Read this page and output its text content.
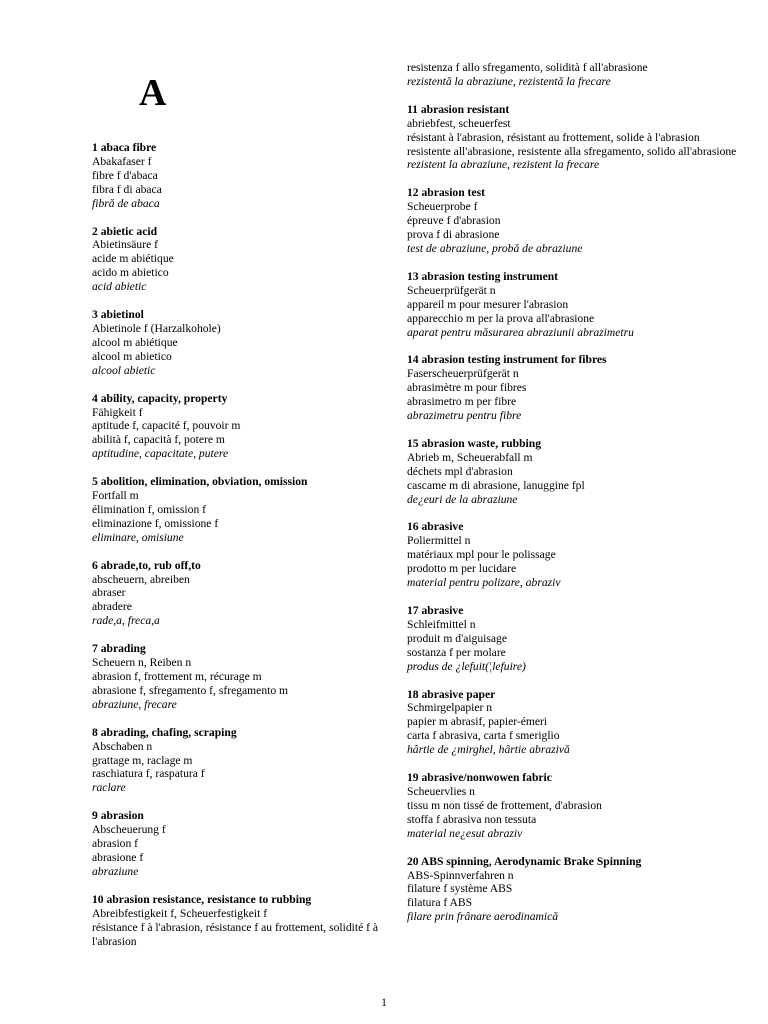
A
1 abaca fibre
Abakafaser f
fibre f d'abaca
fibra f di abaca
fibră de abaca
2 abietic acid
Abietinsäure f
acide m abiétique
acido m abietico
acid abietic
3 abietinol
Abietinole f (Harzalkohole)
alcool m abiétique
alcool m abietico
alcool abietic
4 ability, capacity, property
Fähigkeit f
aptitude f, capacité f, pouvoir m
abilità f, capacità f, potere m
aptitudine, capacitate, putere
5 abolition, elimination, obviation, omission
Fortfall m
élimination f, omission f
eliminazione f, omissione f
eliminare, omisiune
6 abrade,to, rub off,to
abscheuern, abreiben
abraser
abradere
rade,a, freca,a
7 abrading
Scheuern n, Reiben n
abrasion f, frottement m, récurage m
abrasione f, sfregamento f, sfregamento m
abraziune, frecare
8 abrading, chafing, scraping
Abschaben n
grattage m, raclage m
raschiatura f, raspatura f
raclare
9 abrasion
Abscheuerung f
abrasion f
abrasione f
abraziune
10 abrasion resistance, resistance to rubbing
Abreibfestigkeit f, Scheuerfestigkeit f
résistance f à l'abrasion, résistance f au frottement, solidité f à l'abrasion
resistenza f allo sfregamento, solidità f all'abrasione
rezistentă la abraziune, rezistentă la frecare
11 abrasion resistant
abriebfest, scheuerfest
résistant à l'abrasion, résistant au frottement, solide à l'abrasion
resistente all'abrasione, resistente alla sfregamento, solido all'abrasione
rezistent la abraziune, rezistent la frecare
12 abrasion test
Scheuerprobe f
épreuve f d'abrasion
prova f di abrasione
test de abraziune, probă de abraziune
13 abrasion testing instrument
Scheuerprüfgerät n
appareil m pour mesurer l'abrasion
apparecchio m per la prova all'abrasione
aparat pentru măsurarea abraziunii abrazimetru
14 abrasion testing instrument for fibres
Faserscheuerprüfgerät n
abrasimètre m pour fibres
abrasimetro m per fibre
abrazimetru pentru fibre
15 abrasion waste, rubbing
Abrieb m, Scheuerabfall m
déchets mpl d'abrasion
cascame m di abrasione, lanuggine fpl
de¿euri de la abraziune
16 abrasive
Poliermittel n
matériaux mpl pour le polissage
prodotto m per lucidare
material pentru polizare, abraziv
17 abrasive
Schleifmittel n
produit m d'aiguisage
sostanza f per molare
produs de ¿lefuit(¦lefuire)
18 abrasive paper
Schmirgelpapier n
papier m abrasif, papier-émeri
carta f abrasiva, carta f smeriglio
hârtie de ¿mirghel, hârtie abrazivă
19 abrasive/nonwowen fabric
Scheuervlies n
tissu m non tissé de frottement, d'abrasion
stoffa f abrasiva non tessuta
material ne¿esut abraziv
20 ABS spinning, Aerodynamic Brake Spinning
ABS-Spinnverfahren n
filature f système ABS
filatura f ABS
filare prin frânare aerodinamică
1
